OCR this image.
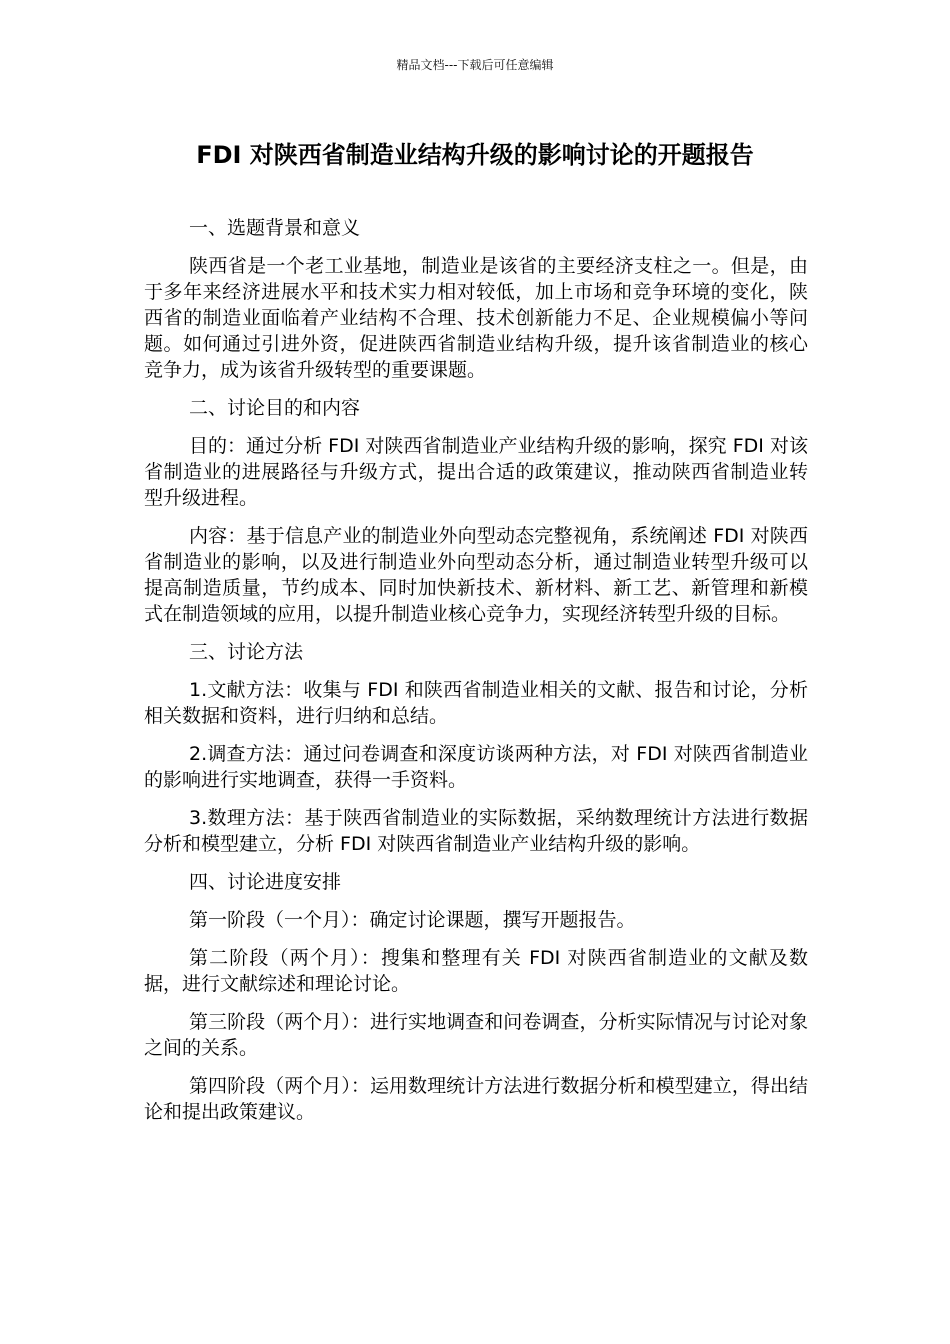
精品文档---下载后可任意编辑
FDI 对陕西省制造业结构升级的影响讨论的开题报告
一、选题背景和意义

陕西省是一个老工业基地，制造业是该省的主要经济支柱之一。但是，由于多年来经济进展水平和技术实力相对较低，加上市场和竞争环境的变化，陕西省的制造业面临着产业结构不合理、技术创新能力不足、企业规模偏小等问题。如何通过引进外资，促进陕西省制造业结构升级，提升该省制造业的核心竞争力，成为该省升级转型的重要课题。

二、讨论目的和内容

目的：通过分析 FDI 对陕西省制造业产业结构升级的影响，探究 FDI 对该省制造业的进展路径与升级方式，提出合适的政策建议，推动陕西省制造业转型升级进程。

内容：基于信息产业的制造业外向型动态完整视角，系统阐述 FDI 对陕西省制造业的影响，以及进行制造业外向型动态分析，通过制造业转型升级可以提高制造质量，节约成本、同时加快新技术、新材料、新工艺、新管理和新模式在制造领域的应用，以提升制造业核心竞争力，实现经济转型升级的目标。

三、讨论方法

1.文献方法：收集与 FDI 和陕西省制造业相关的文献、报告和讨论，分析相关数据和资料，进行归纳和总结。

2.调查方法：通过问卷调查和深度访谈两种方法，对 FDI 对陕西省制造业的影响进行实地调查，获得一手资料。

3.数理方法：基于陕西省制造业的实际数据，采纳数理统计方法进行数据分析和模型建立，分析 FDI 对陕西省制造业产业结构升级的影响。

四、讨论进度安排

第一阶段（一个月）：确定讨论课题，撰写开题报告。

第二阶段（两个月）：搜集和整理有关 FDI 对陕西省制造业的文献及数据，进行文献综述和理论讨论。

第三阶段（两个月）：进行实地调查和问卷调查，分析实际情况与讨论对象之间的关系。

第四阶段（两个月）：运用数理统计方法进行数据分析和模型建立，得出结论和提出政策建议。
